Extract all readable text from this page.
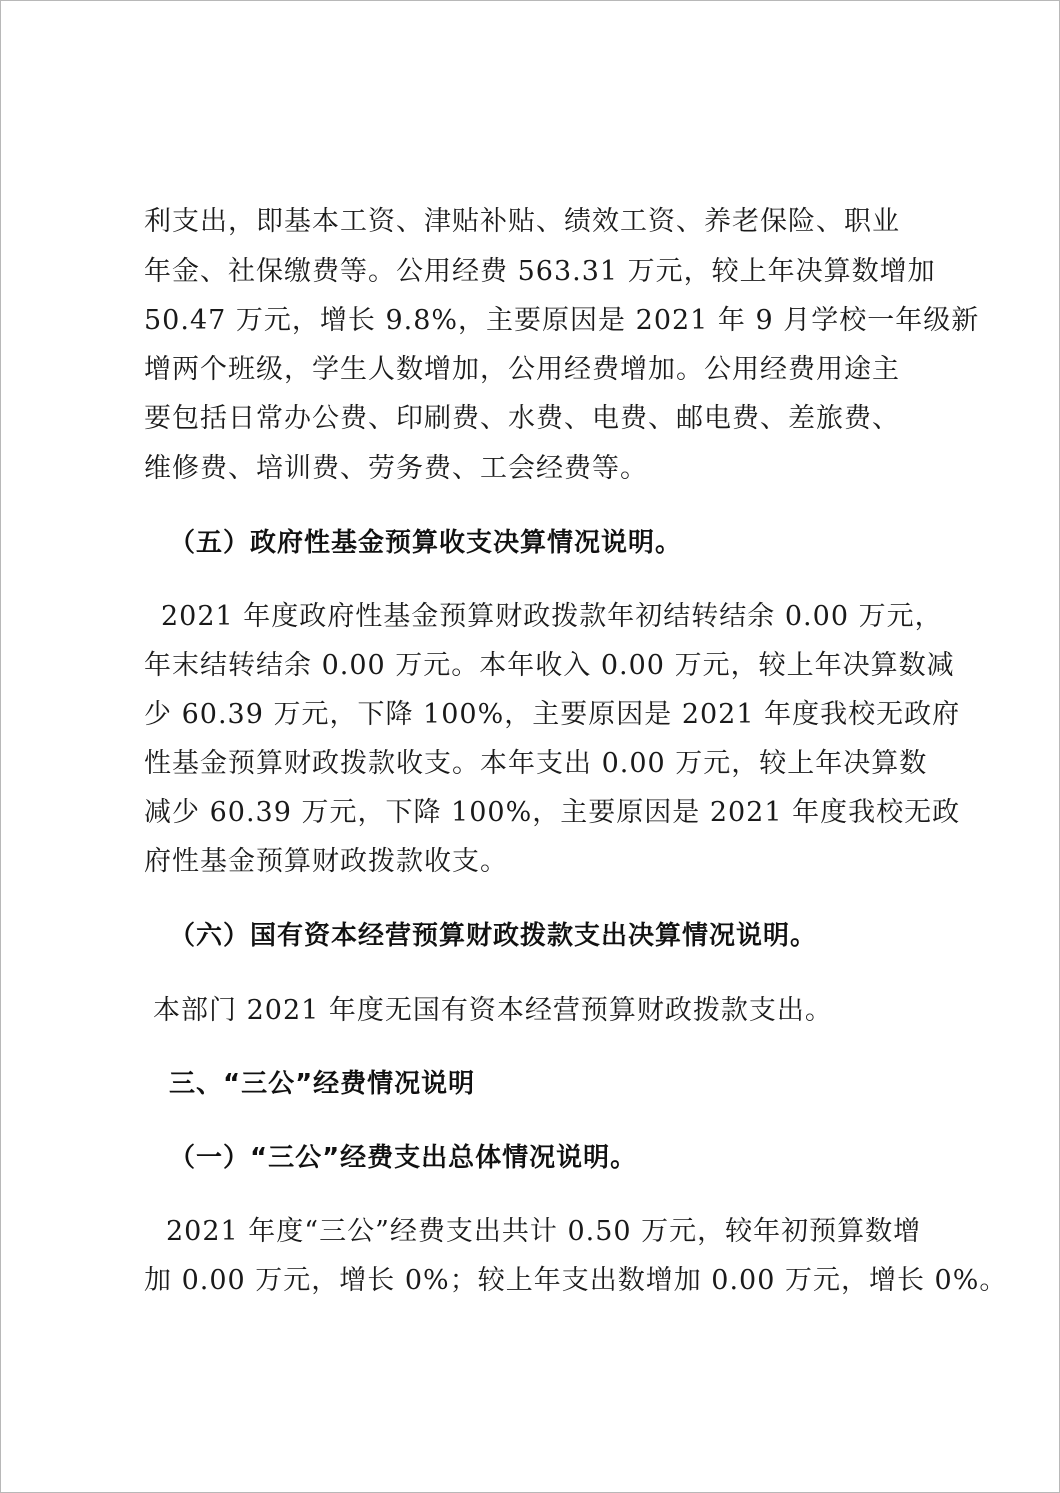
利支出，即基本工资、津贴补贴、绩效工资、养老保险、职业
年金、社保缴费等。公用经费 563.31 万元，较上年决算数增加
50.47 万元，增长 9.8%，主要原因是 2021 年 9 月学校一年级新
增两个班级，学生人数增加，公用经费增加。公用经费用途主
要包括日常办公费、印刷费、水费、电费、邮电费、差旅费、
维修费、培训费、劳务费、工会经费等。
（五）政府性基金预算收支决算情况说明。
2021 年度政府性基金预算财政拨款年初结转结余 0.00 万元，
年末结转结余 0.00 万元。本年收入 0.00 万元，较上年决算数减
少 60.39 万元，下降 100%，主要原因是 2021 年度我校无政府
性基金预算财政拨款收支。本年支出 0.00 万元，较上年决算数
减少 60.39 万元，下降 100%，主要原因是 2021 年度我校无政
府性基金预算财政拨款收支。
（六）国有资本经营预算财政拨款支出决算情况说明。
本部门 2021 年度无国有资本经营预算财政拨款支出。
三、“三公”经费情况说明
（一）“三公”经费支出总体情况说明。
2021 年度“三公”经费支出共计 0.50 万元，较年初预算数增
加 0.00 万元，增长 0%；较上年支出数增加 0.00 万元，增长 0%。
